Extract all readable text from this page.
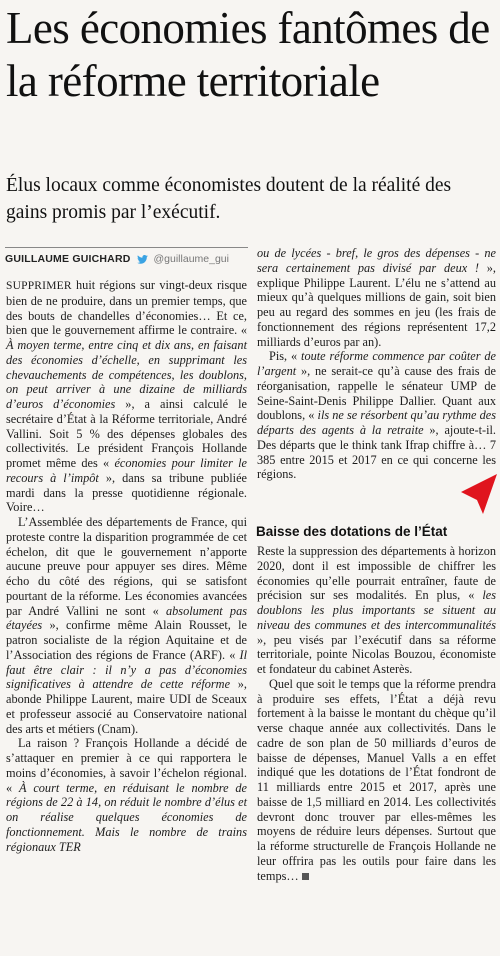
Les économies fantômes de la réforme territoriale

Élus locaux comme économistes doutent de la réalité des gains promis par l’exécutif.

GUILLAUME GUICHARD @guillaume_gui

SUPPRIMER huit régions sur vingt-deux risque bien de ne produire, dans un premier temps, que des bouts de chandelles d’économies… Et ce, bien que le gouvernement affirme le contraire. « À moyen terme, entre cinq et dix ans, en faisant des économies d’échelle, en supprimant les chevauchements de compétences, les doublons, on peut arriver à une dizaine de milliards d’euros d’économies », a ainsi calculé le secrétaire d’État à la Réforme territoriale, André Vallini. Soit 5 % des dépenses globales des collectivités. Le président François Hollande promet même des « économies pour limiter le recours à l’impôt », dans sa tribune publiée mardi dans la presse quotidienne régionale. Voire…

L’Assemblée des départements de France, qui proteste contre la disparition programmée de cet échelon, dit que le gouvernement n’apporte aucune preuve pour appuyer ses dires. Même écho du côté des régions, qui se satisfont pourtant de la réforme. Les économies avancées par André Vallini ne sont « absolument pas étayées », confirme même Alain Rousset, le patron socialiste de la région Aquitaine et de l’Association des régions de France (ARF). « Il faut être clair : il n’y a pas d’économies significatives à attendre de cette réforme », abonde Philippe Laurent, maire UDI de Sceaux et professeur associé au Conservatoire national des arts et métiers (Cnam).

La raison ? François Hollande a décidé de s’attaquer en premier à ce qui rapportera le moins d’économies, à savoir l’échelon régional. « À court terme, en réduisant le nombre de régions de 22 à 14, on réduit le nombre d’élus et on réalise quelques économies de fonctionnement. Mais le nombre de trains régionaux TER

ou de lycées - bref, le gros des dépenses - ne sera certainement pas divisé par deux ! », explique Philippe Laurent. L’élu ne s’attend au mieux qu’à quelques millions de gain, soit bien peu au regard des sommes en jeu (les frais de fonctionnement des régions représentent 17,2 milliards d’euros par an).

Pis, « toute réforme commence par coûter de l’argent », ne serait-ce qu’à cause des frais de réorganisation, rappelle le sénateur UMP de Seine-Saint-Denis Philippe Dallier. Quant aux doublons, « ils ne se résorbent qu’au rythme des départs des agents à la retraite », ajoute-t-il. Des départs que le think tank Ifrap chiffre à… 7 385 entre 2015 et 2017 en ce qui concerne les régions.

Baisse des dotations de l’État

Reste la suppression des départements à horizon 2020, dont il est impossible de chiffrer les économies qu’elle pourrait entraîner, faute de précision sur ses modalités. En plus, « les doublons les plus importants se situent au niveau des communes et des intercommunalités », peu visés par l’exécutif dans sa réforme territoriale, pointe Nicolas Bouzou, économiste et fondateur du cabinet Asterès.

Quel que soit le temps que la réforme prendra à produire ses effets, l’État a déjà revu fortement à la baisse le montant du chèque qu’il verse chaque année aux collectivités. Dans le cadre de son plan de 50 milliards d’euros de baisse de dépenses, Manuel Valls a en effet indiqué que les dotations de l’État fondront de 11 milliards entre 2015 et 2017, après une baisse de 1,5 milliard en 2014. Les collectivités devront donc trouver par elles-mêmes les moyens de réduire leurs dépenses. Surtout que la réforme structurelle de François Hollande ne leur offrira pas les outils pour faire dans les temps…
